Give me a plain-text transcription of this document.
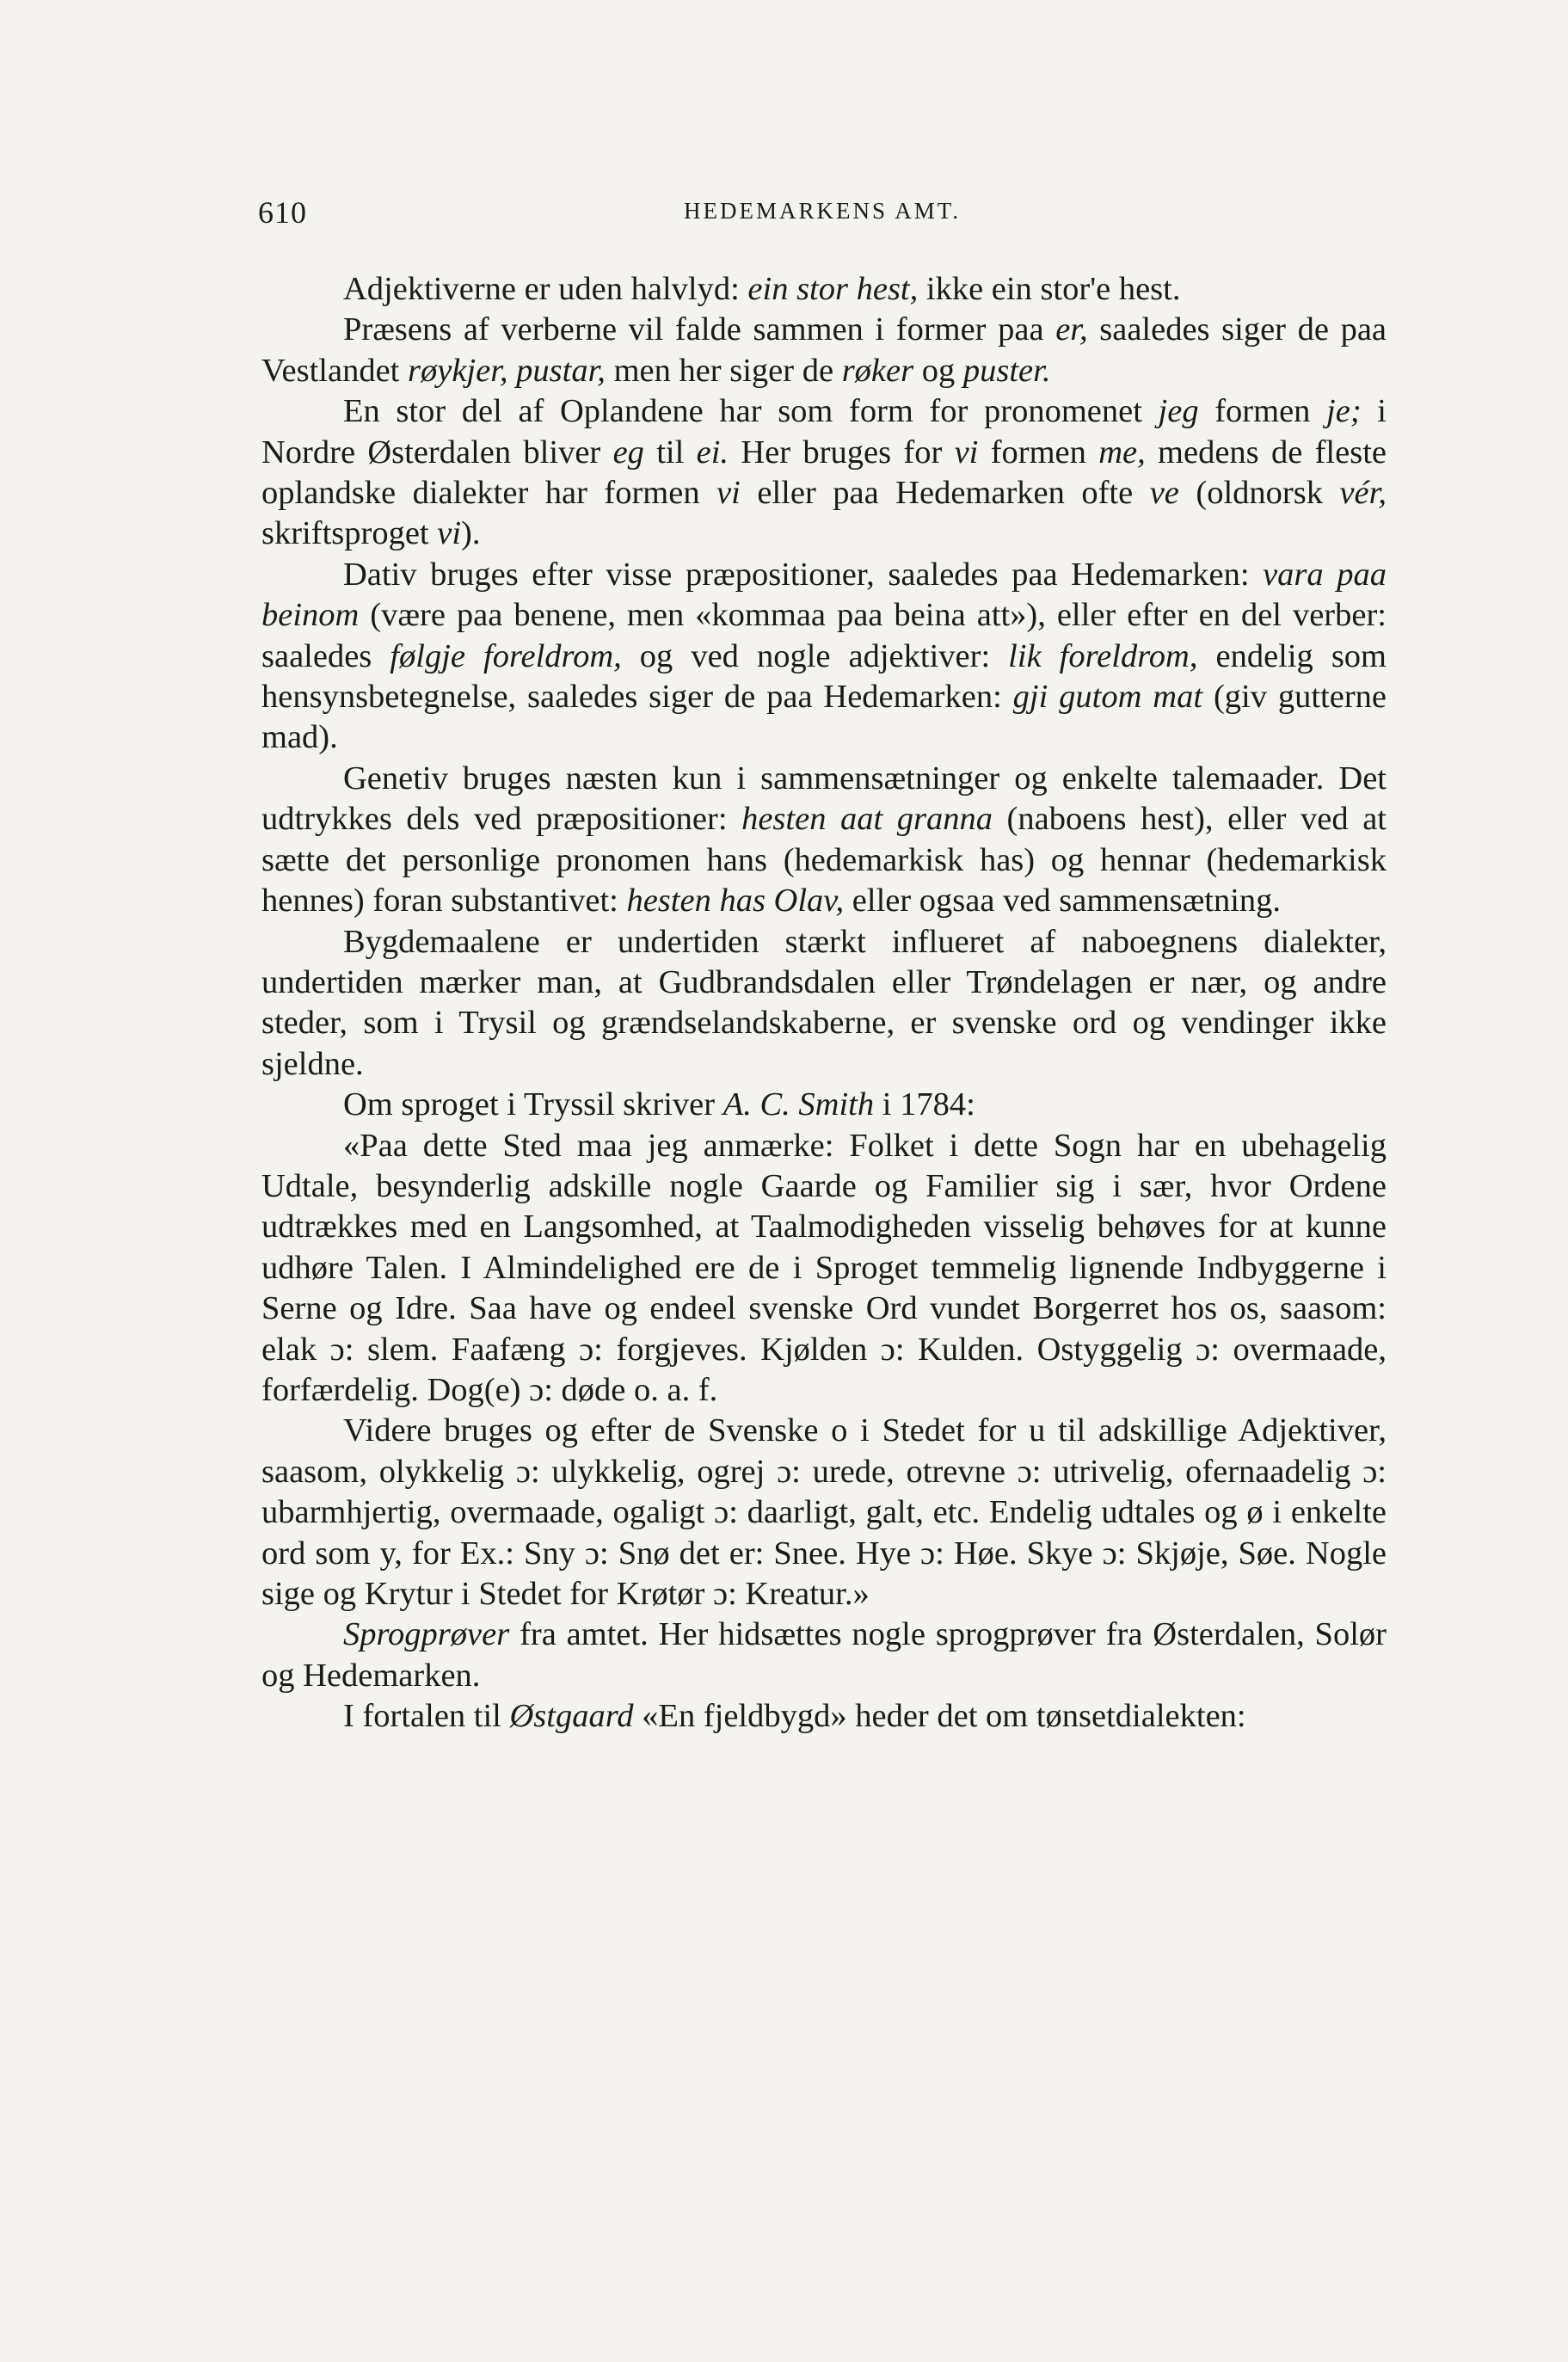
610	HEDEMARKENS AMT.

Adjektiverne er uden halvlyd: ein stor hest, ikke ein stor'e hest.

Præsens af verberne vil falde sammen i former paa er, saaledes siger de paa Vestlandet røykjer, pustar, men her siger de røker og puster.

En stor del af Oplandene har som form for pronomenet jeg formen je; i Nordre Østerdalen bliver eg til ei. Her bruges for vi formen me, medens de fleste oplandske dialekter har formen vi eller paa Hedemarken ofte ve (oldnorsk vér, skriftsproget vi).

Dativ bruges efter visse præpositioner, saaledes paa Hedemarken: vara paa beinom (være paa benene, men «kommaa paa beina att»), eller efter en del verber: saaledes følgje foreldrom, og ved nogle adjektiver: lik foreldrom, endelig som hensynsbetegnelse, saaledes siger de paa Hedemarken: gji gutom mat (giv gutterne mad).

Genetiv bruges næsten kun i sammensætninger og enkelte talemaader. Det udtrykkes dels ved præpositioner: hesten aat granna (naboens hest), eller ved at sætte det personlige pronomen hans (hedemarkisk has) og hennar (hedemarkisk hennes) foran substantivet: hesten has Olav, eller ogsaa ved sammensætning.

Bygdemaalene er undertiden stærkt influeret af naboegnens dialekter, undertiden mærker man, at Gudbrandsdalen eller Trøndelagen er nær, og andre steder, som i Trysil og grændselandskaberne, er svenske ord og vendinger ikke sjeldne.

Om sproget i Tryssil skriver A. C. Smith i 1784:

«Paa dette Sted maa jeg anmærke: Folket i dette Sogn har en ubehagelig Udtale, besynderlig adskille nogle Gaarde og Familier sig i sær, hvor Ordene udtrækkes med en Langsomhed, at Taalmodigheden visselig behøves for at kunne udhøre Talen. I Almindelighed ere de i Sproget temmelig lignende Indbyggerne i Serne og Idre. Saa have og endeel svenske Ord vundet Borgerret hos os, saasom: elak ɔ: slem. Faafæng ɔ: forgjeves. Kjølden ɔ: Kulden. Ostyggelig ɔ: overmaade, forfærdelig. Dog(e) ɔ: døde o. a. f.

Videre bruges og efter de Svenske o i Stedet for u til adskillige Adjektiver, saasom, olykkelig ɔ: ulykkelig, ogrej ɔ: urede, otrevne ɔ: utrivelig, ofernaadelig ɔ: ubarmhjertig, overmaade, ogaligt ɔ: daarligt, galt, etc. Endelig udtales og ø i enkelte ord som y, for Ex.: Sny ɔ: Snø det er: Snee. Hye ɔ: Høe. Skye ɔ: Skjøje, Søe. Nogle sige og Krytur i Stedet for Krøtør ɔ: Kreatur.»

Sprogprøver fra amtet. Her hidsættes nogle sprogprøver fra Østerdalen, Solør og Hedemarken.

I fortalen til Østgaard «En fjeldbygd» heder det om tønsetdialekten:
